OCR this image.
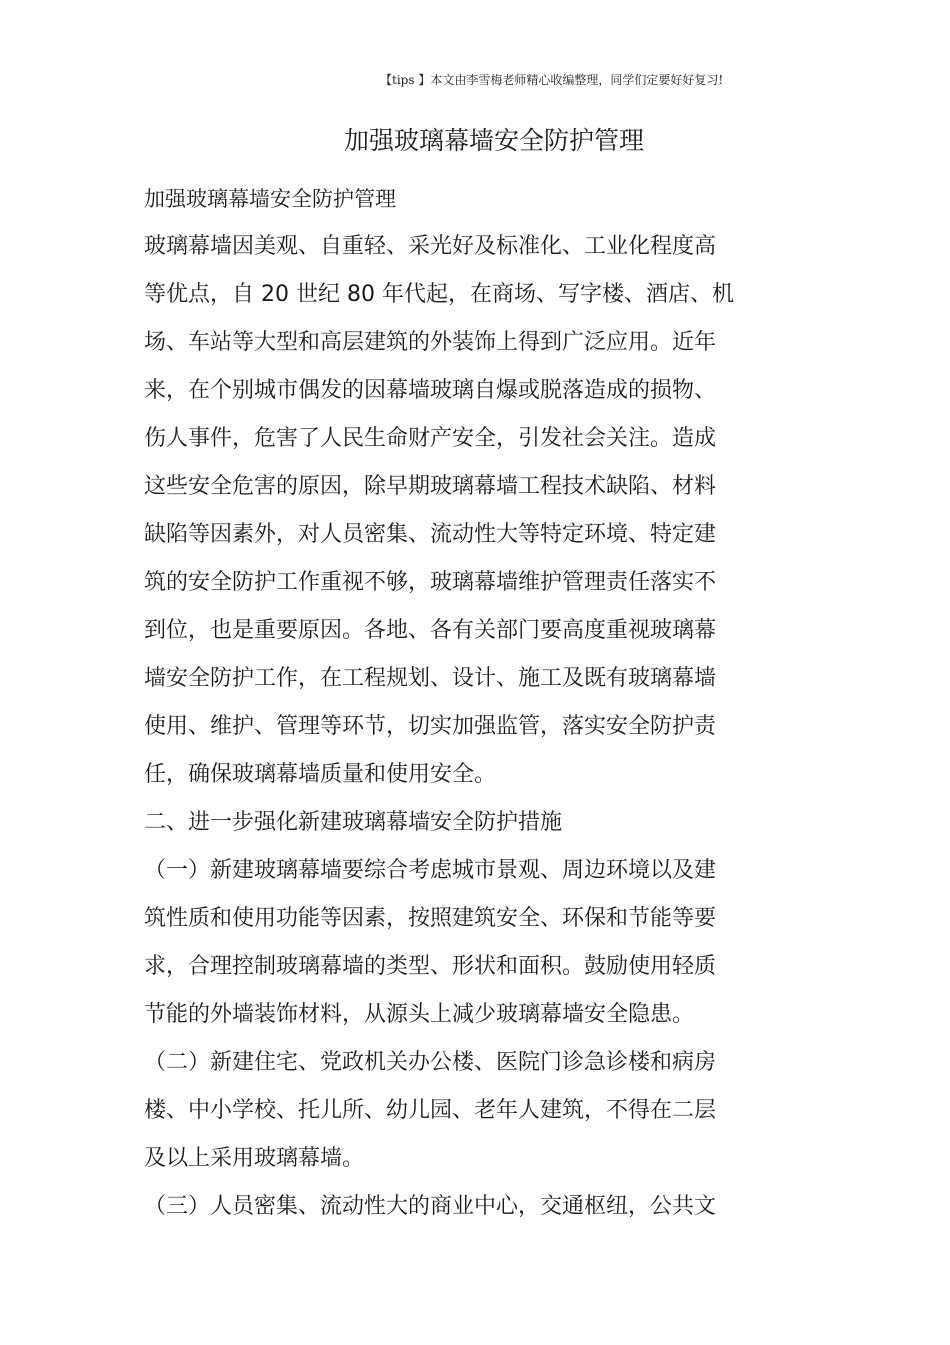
【tips 】本文由李雪梅老师精心收编整理，同学们定要好好复习!
加强玻璃幕墙安全防护管理
加强玻璃幕墙安全防护管理
玻璃幕墙因美观、自重轻、采光好及标准化、工业化程度高
等优点，自 20 世纪 80 年代起，在商场、写字楼、酒店、机
场、车站等大型和高层建筑的外装饰上得到广泛应用。近年
来，在个别城市偶发的因幕墙玻璃自爆或脱落造成的损物、
伤人事件，危害了人民生命财产安全，引发社会关注。造成
这些安全危害的原因，除早期玻璃幕墙工程技术缺陷、材料
缺陷等因素外，对人员密集、流动性大等特定环境、特定建
筑的安全防护工作重视不够，玻璃幕墙维护管理责任落实不
到位，也是重要原因。各地、各有关部门要高度重视玻璃幕
墙安全防护工作，在工程规划、设计、施工及既有玻璃幕墙
使用、维护、管理等环节，切实加强监管，落实安全防护责
任，确保玻璃幕墙质量和使用安全。
二、进一步强化新建玻璃幕墙安全防护措施
（一）新建玻璃幕墙要综合考虑城市景观、周边环境以及建
筑性质和使用功能等因素，按照建筑安全、环保和节能等要
求，合理控制玻璃幕墙的类型、形状和面积。鼓励使用轻质
节能的外墙装饰材料，从源头上减少玻璃幕墙安全隐患。
（二）新建住宅、党政机关办公楼、医院门诊急诊楼和病房
楼、中小学校、托儿所、幼儿园、老年人建筑，不得在二层
及以上采用玻璃幕墙。
（三）人员密集、流动性大的商业中心，交通枢纽，公共文
